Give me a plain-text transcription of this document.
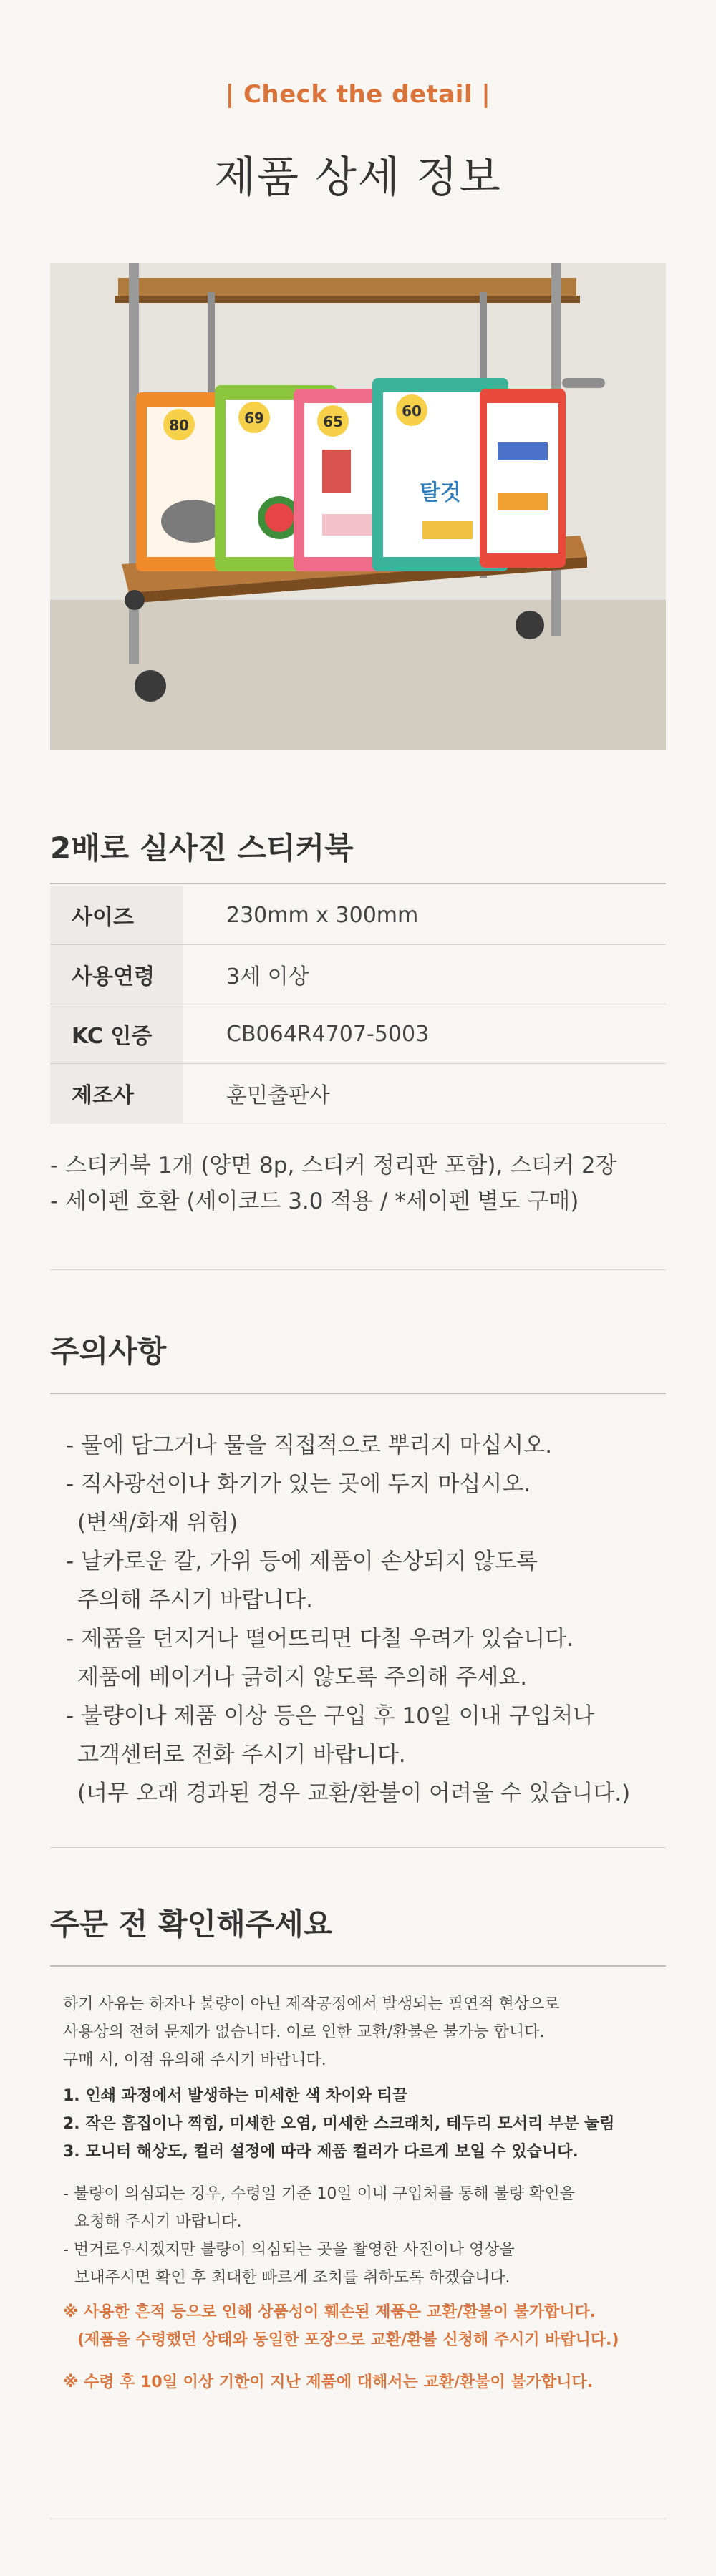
| Check the detail |
제품 상세 정보
80	69	65
60
탈것
2배로 실사진 스티커북
사이즈	230mm x 300mm
사용연령	3세 이상
KC 인증	CB064R4707-5003
제조사	훈민출판사
- 스티커북 1개 (양면 8p, 스티커 정리판 포함), 스티커 2장
- 세이펜 호환 (세이코드 3.0 적용 / *세이펜 별도 구매)
주의사항
- 물에 담그거나 물을 직접적으로 뿌리지 마십시오.
- 직사광선이나 화기가 있는 곳에 두지 마십시오.
(변색/화재 위험)
- 날카로운 칼, 가위 등에 제품이 손상되지 않도록
주의해 주시기 바랍니다.
- 제품을 던지거나 떨어뜨리면 다칠 우려가 있습니다.
제품에 베이거나 긁히지 않도록 주의해 주세요.
- 불량이나 제품 이상 등은 구입 후 10일 이내 구입처나
고객센터로 전화 주시기 바랍니다.
(너무 오래 경과된 경우 교환/환불이 어려울 수 있습니다.)
주문 전 확인해주세요
하기 사유는 하자나 불량이 아닌 제작공정에서 발생되는 필연적 현상으로
사용상의 전혀 문제가 없습니다. 이로 인한 교환/환불은 불가능 합니다.
구매 시, 이점 유의해 주시기 바랍니다.
1. 인쇄 과정에서 발생하는 미세한 색 차이와 티끌
2. 작은 흠집이나 찍힘, 미세한 오염, 미세한 스크래치, 테두리 모서리 부분 눌림
3. 모니터 해상도, 컬러 설정에 따라 제품 컬러가 다르게 보일 수 있습니다.
- 불량이 의심되는 경우, 수령일 기준 10일 이내 구입처를 통해 불량 확인을
요청해 주시기 바랍니다.
- 번거로우시겠지만 불량이 의심되는 곳을 촬영한 사진이나 영상을
보내주시면 확인 후 최대한 빠르게 조치를 취하도록 하겠습니다.
※ 사용한 흔적 등으로 인해 상품성이 훼손된 제품은 교환/환불이 불가합니다.
(제품을 수령했던 상태와 동일한 포장으로 교환/환불 신청해 주시기 바랍니다.)
※ 수령 후 10일 이상 기한이 지난 제품에 대해서는 교환/환불이 불가합니다.
